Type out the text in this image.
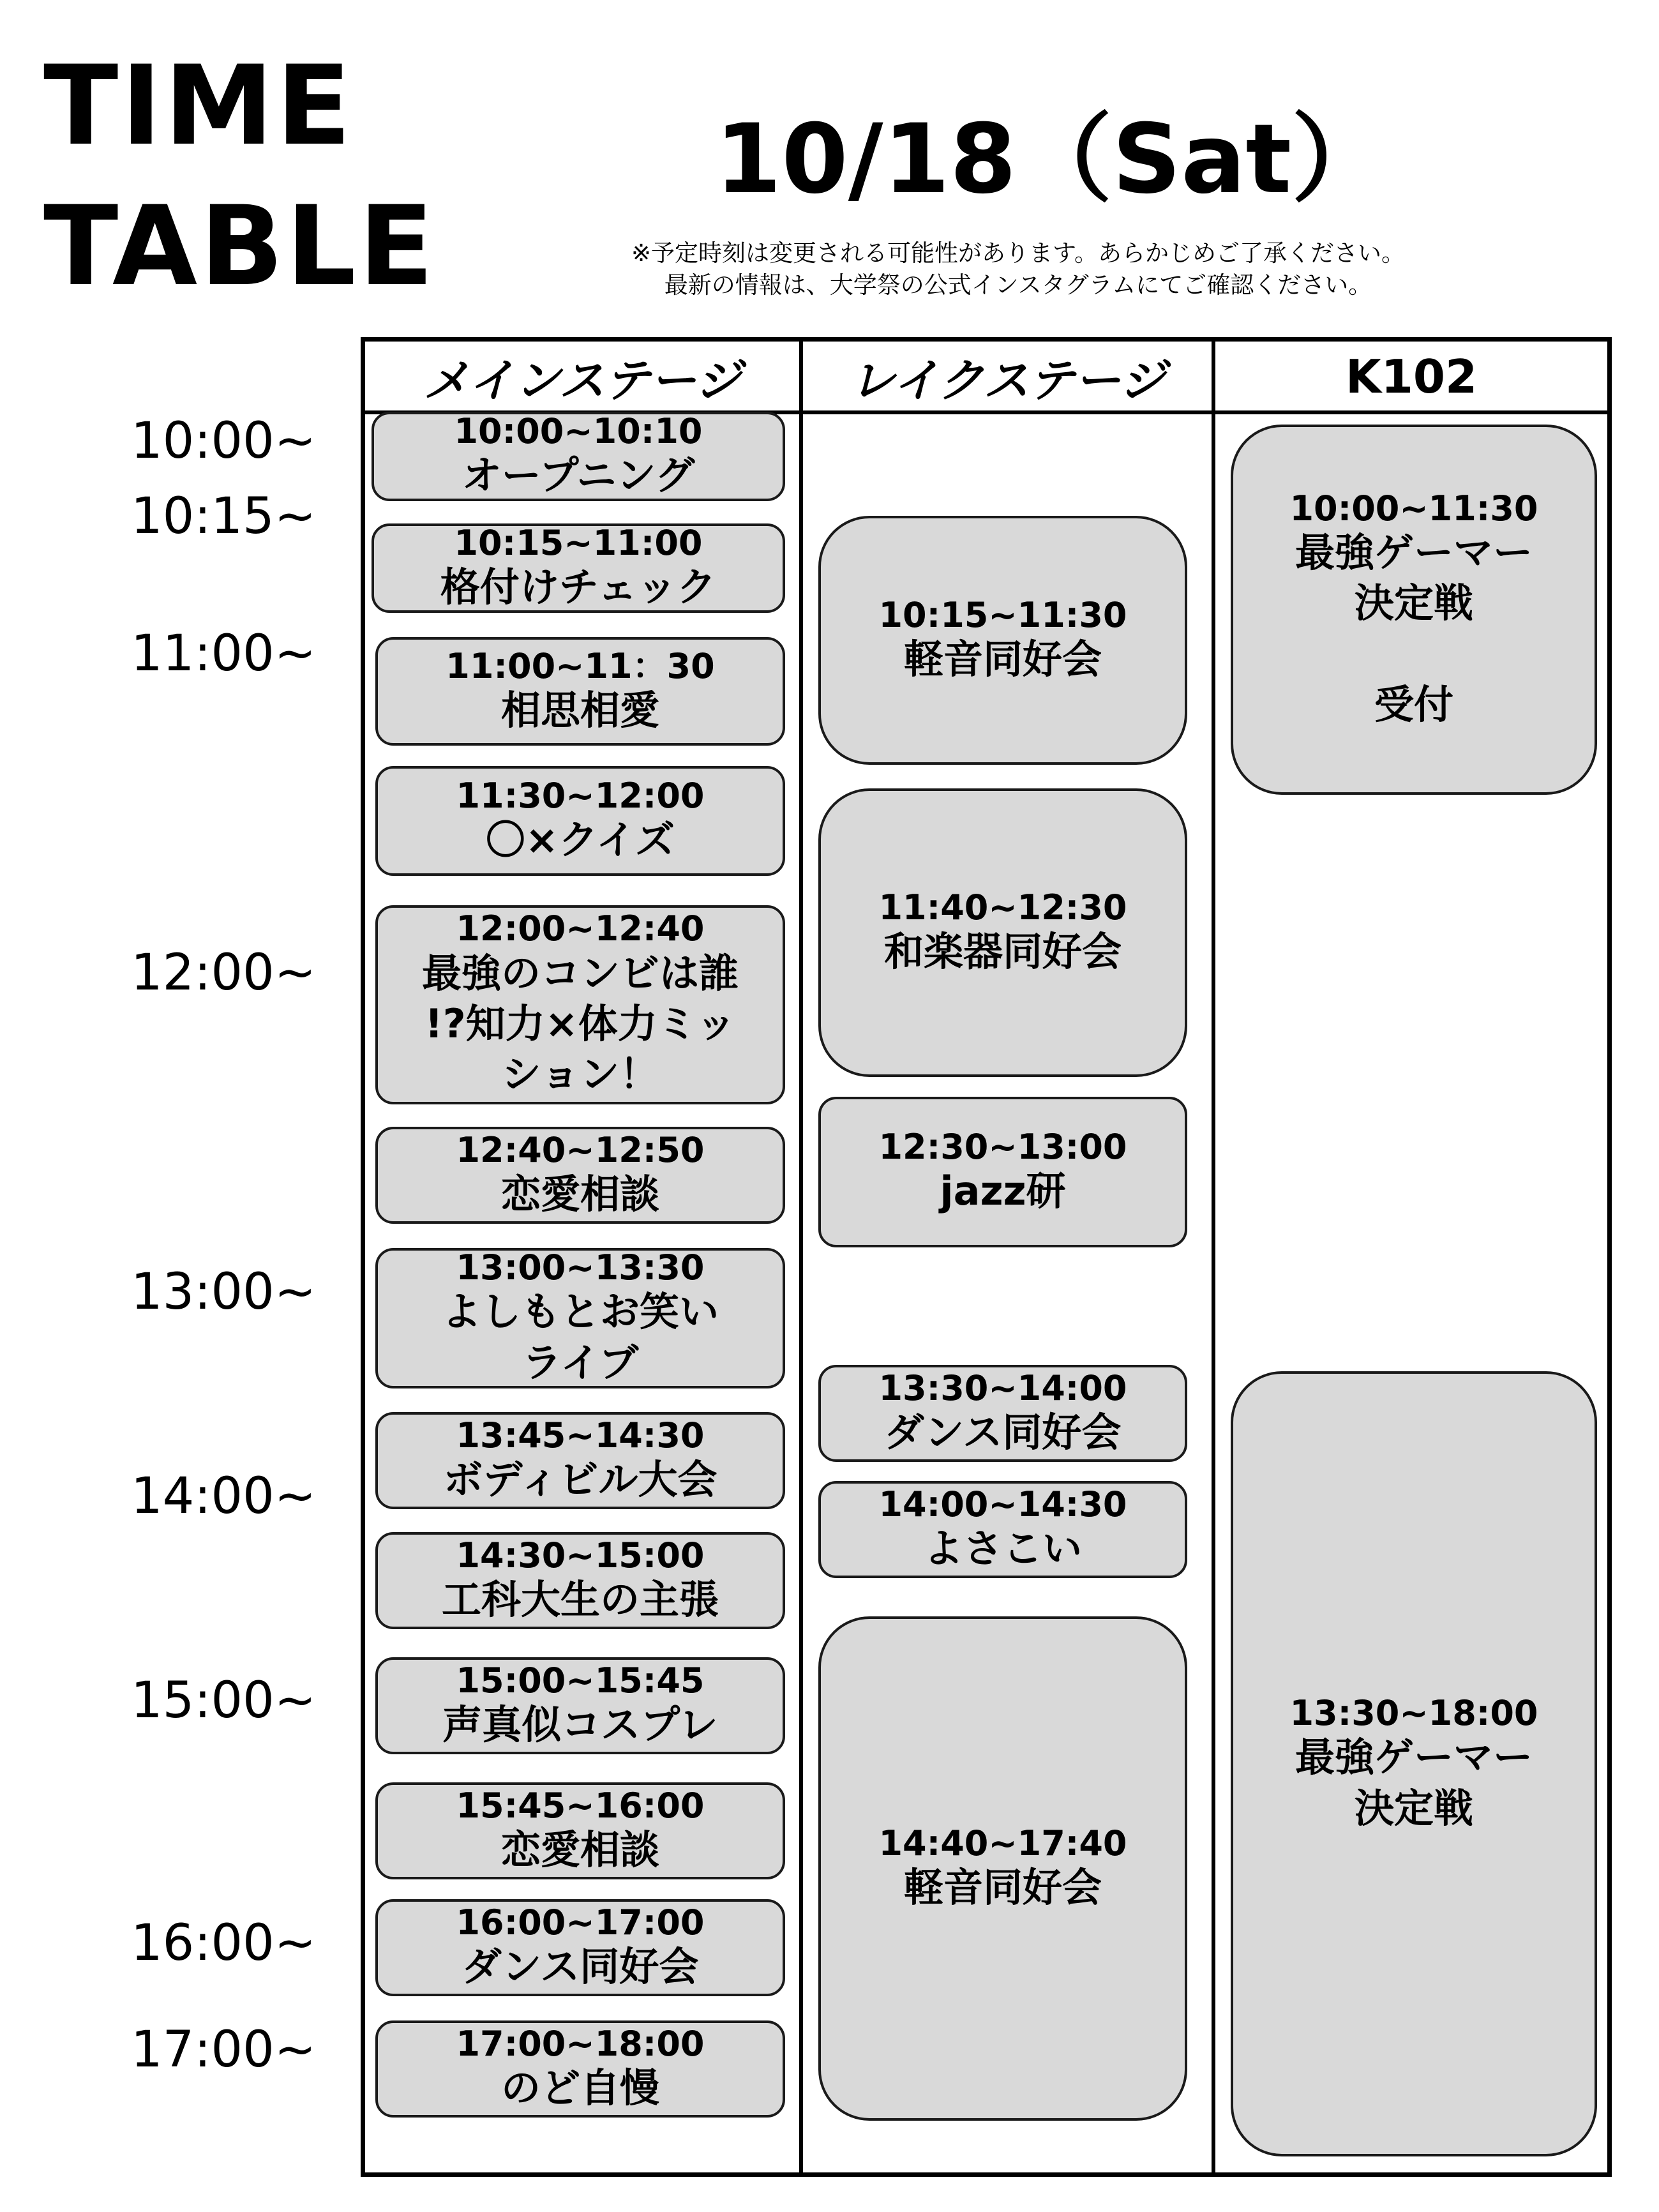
TIME
TABLE
10/18（Sat）
※予定時刻は変更される可能性があります。あらかじめご了承ください。
最新の情報は、大学祭の公式インスタグラムにてご確認ください。
メインステージ	レイクステージ	K102
10:00~
10:15~
11:00~
12:00~
13:00~
14:00~
15:00~
16:00~
17:00~
10:00~10:10
オープニング
10:15~11:00
格付けチェック
11:00~11：30
相思相愛
11:30~12:00
〇×クイズ
12:00~12:40
最強のコンビは誰
!?知力×体力ミッ
ション！
12:40~12:50
恋愛相談
13:00~13:30
よしもとお笑い
ライブ
13:45~14:30
ボディビル大会
14:30~15:00
工科大生の主張
15:00~15:45
声真似コスプレ
15:45~16:00
恋愛相談
16:00~17:00
ダンス同好会
17:00~18:00
のど自慢
10:15~11:30
軽音同好会
11:40~12:30
和楽器同好会
12:30~13:00
jazz研
13:30~14:00
ダンス同好会
14:00~14:30
よさこい
14:40~17:40
軽音同好会
10:00~11:30
最強ゲーマー
決定戦

受付
13:30~18:00
最強ゲーマー
決定戦
